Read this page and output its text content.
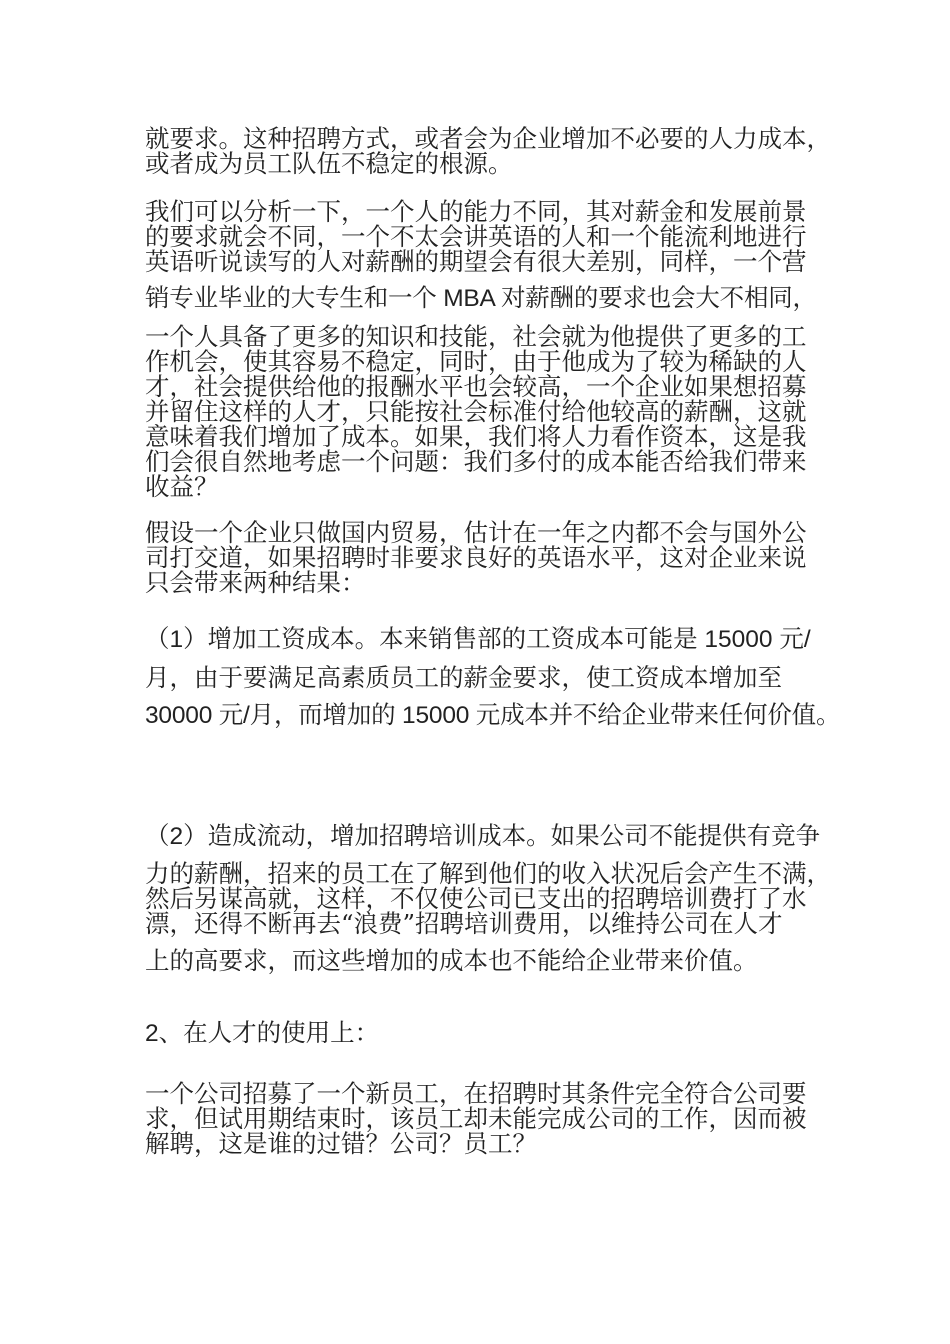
就要求。这种招聘方式，或者会为企业增加不必要的人力成本，
或者成为员工队伍不稳定的根源。
我们可以分析一下，一个人的能力不同，其对薪金和发展前景
的要求就会不同，一个不太会讲英语的人和一个能流利地进行
英语听说读写的人对薪酬的期望会有很大差别，同样，一个营
销专业毕业的大专生和一个 MBA 对薪酬的要求也会大不相同，
一个人具备了更多的知识和技能，社会就为他提供了更多的工
作机会，使其容易不稳定，同时，由于他成为了较为稀缺的人
才，社会提供给他的报酬水平也会较高，一个企业如果想招募
并留住这样的人才，只能按社会标准付给他较高的薪酬，这就
意味着我们增加了成本。如果，我们将人力看作资本，这是我
们会很自然地考虑一个问题：我们多付的成本能否给我们带来
收益？
假设一个企业只做国内贸易，估计在一年之内都不会与国外公
司打交道，如果招聘时非要求良好的英语水平，这对企业来说
只会带来两种结果：
（1）增加工资成本。本来销售部的工资成本可能是 15000 元/
月，由于要满足高素质员工的薪金要求，使工资成本增加至
30000 元/月，而增加的 15000 元成本并不给企业带来任何价值。
（2）造成流动，增加招聘培训成本。如果公司不能提供有竞争
力的薪酬，招来的员工在了解到他们的收入状况后会产生不满，
然后另谋高就，这样，不仅使公司已支出的招聘培训费打了水
漂，还得不断再去“浪费”招聘培训费用，以维持公司在人才
上的高要求，而这些增加的成本也不能给企业带来价值。
2、在人才的使用上：
一个公司招募了一个新员工，在招聘时其条件完全符合公司要
求，但试用期结束时，该员工却未能完成公司的工作，因而被
解聘，这是谁的过错？公司？员工？
